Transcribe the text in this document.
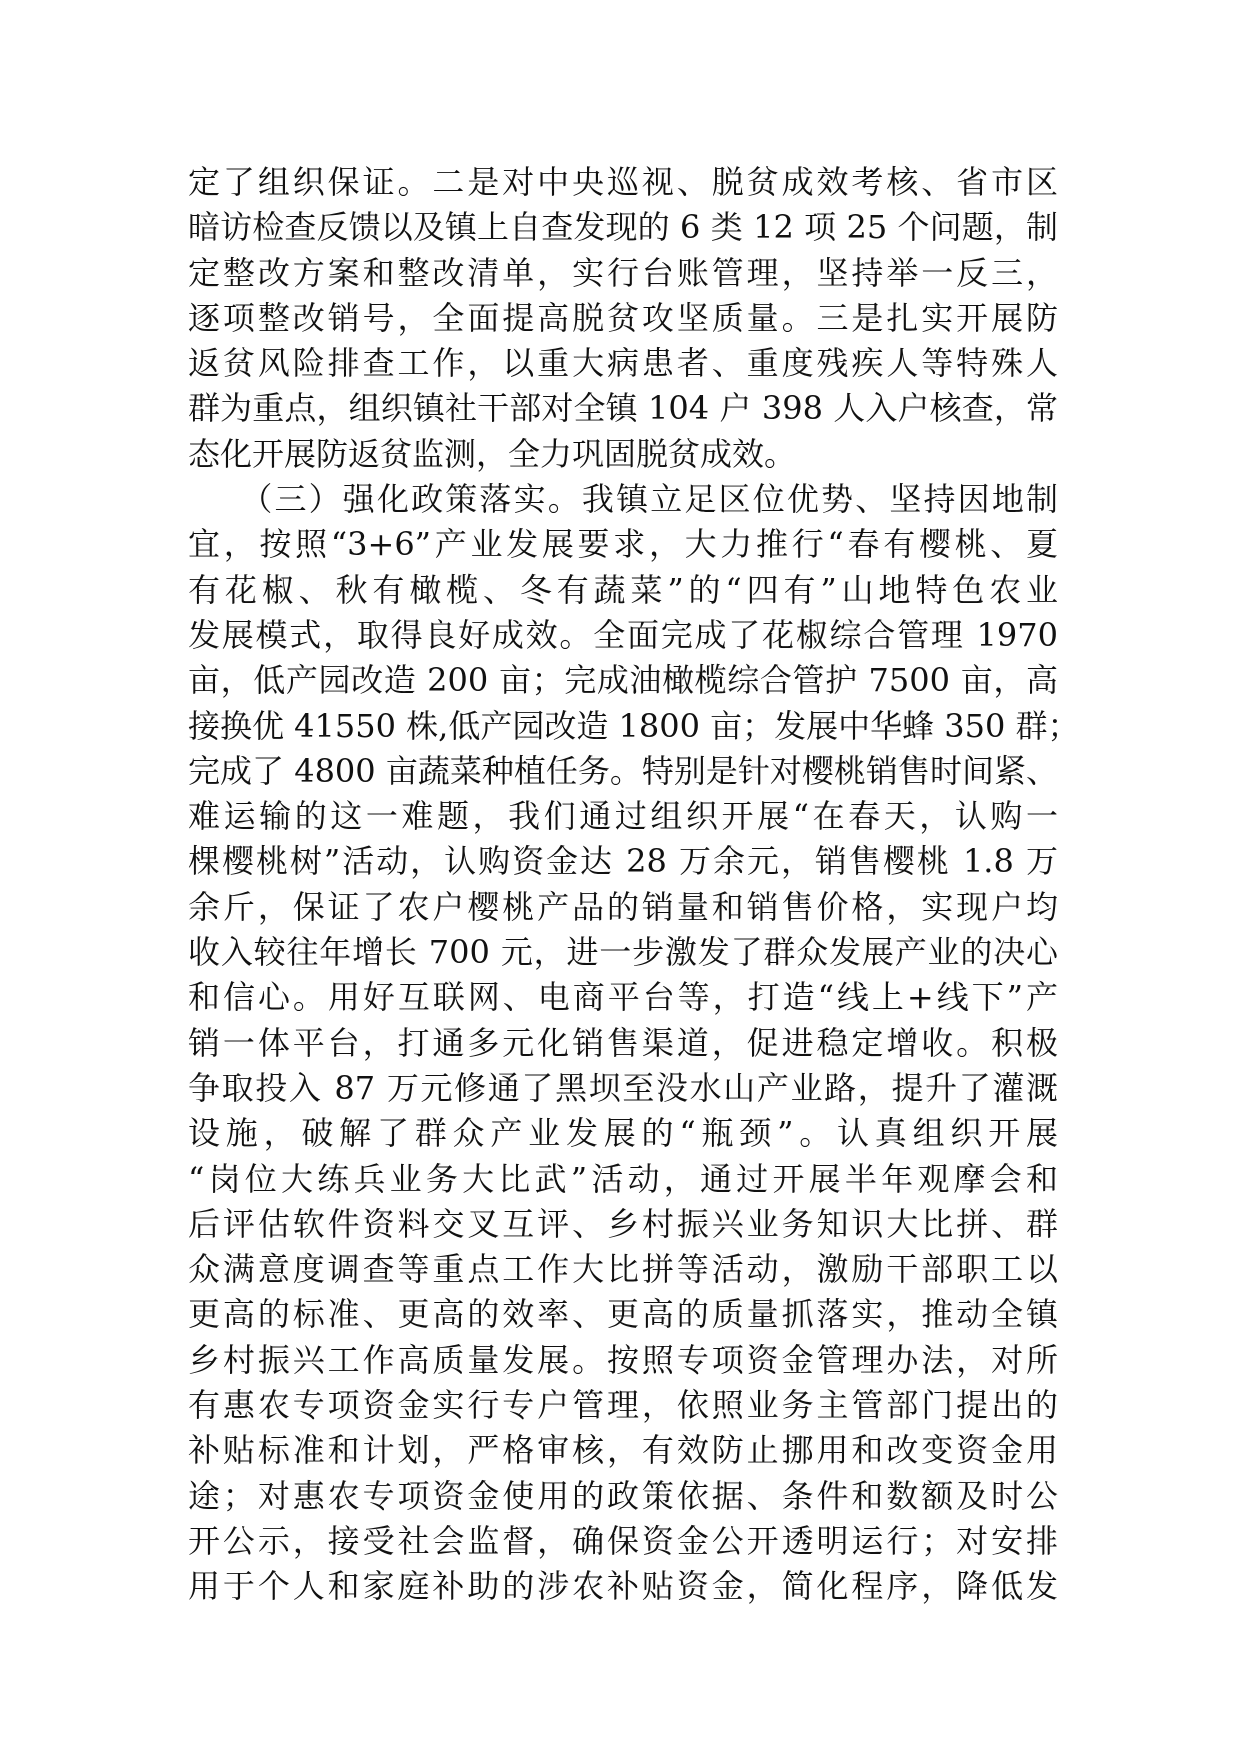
定了组织保证。二是对中央巡视、脱贫成效考核、省市区
暗访检查反馈以及镇上自查发现的 6 类 12 项 25 个问题，制
定整改方案和整改清单，实行台账管理，坚持举一反三，
逐项整改销号，全面提高脱贫攻坚质量。三是扎实开展防
返贫风险排查工作，以重大病患者、重度残疾人等特殊人
群为重点，组织镇社干部对全镇 104 户 398 人入户核查，常
态化开展防返贫监测，全力巩固脱贫成效。
　　（三）强化政策落实。我镇立足区位优势、坚持因地制
宜，按照“3+6”产业发展要求，大力推行“春有樱桃、夏
有花椒、秋有橄榄、冬有蔬菜”的“四有”山地特色农业
发展模式，取得良好成效。全面完成了花椒综合管理 1970
亩，低产园改造 200 亩；完成油橄榄综合管护 7500 亩，高
接换优 41550 株,低产园改造 1800 亩；发展中华蜂 350 群；
完成了 4800 亩蔬菜种植任务。特别是针对樱桃销售时间紧、
难运输的这一难题，我们通过组织开展“在春天，认购一
棵樱桃树”活动，认购资金达 28 万余元，销售樱桃 1.8 万
余斤，保证了农户樱桃产品的销量和销售价格，实现户均
收入较往年增长 700 元，进一步激发了群众发展产业的决心
和信心。用好互联网、电商平台等，打造“线上+线下”产
销一体平台，打通多元化销售渠道，促进稳定增收。积极
争取投入 87 万元修通了黑坝至没水山产业路，提升了灌溉
设施，破解了群众产业发展的“瓶颈”。认真组织开展
“岗位大练兵业务大比武”活动，通过开展半年观摩会和
后评估软件资料交叉互评、乡村振兴业务知识大比拼、群
众满意度调查等重点工作大比拼等活动，激励干部职工以
更高的标准、更高的效率、更高的质量抓落实，推动全镇
乡村振兴工作高质量发展。按照专项资金管理办法，对所
有惠农专项资金实行专户管理，依照业务主管部门提出的
补贴标准和计划，严格审核，有效防止挪用和改变资金用
途；对惠农专项资金使用的政策依据、条件和数额及时公
开公示，接受社会监督，确保资金公开透明运行；对安排
用于个人和家庭补助的涉农补贴资金，简化程序，降低发
